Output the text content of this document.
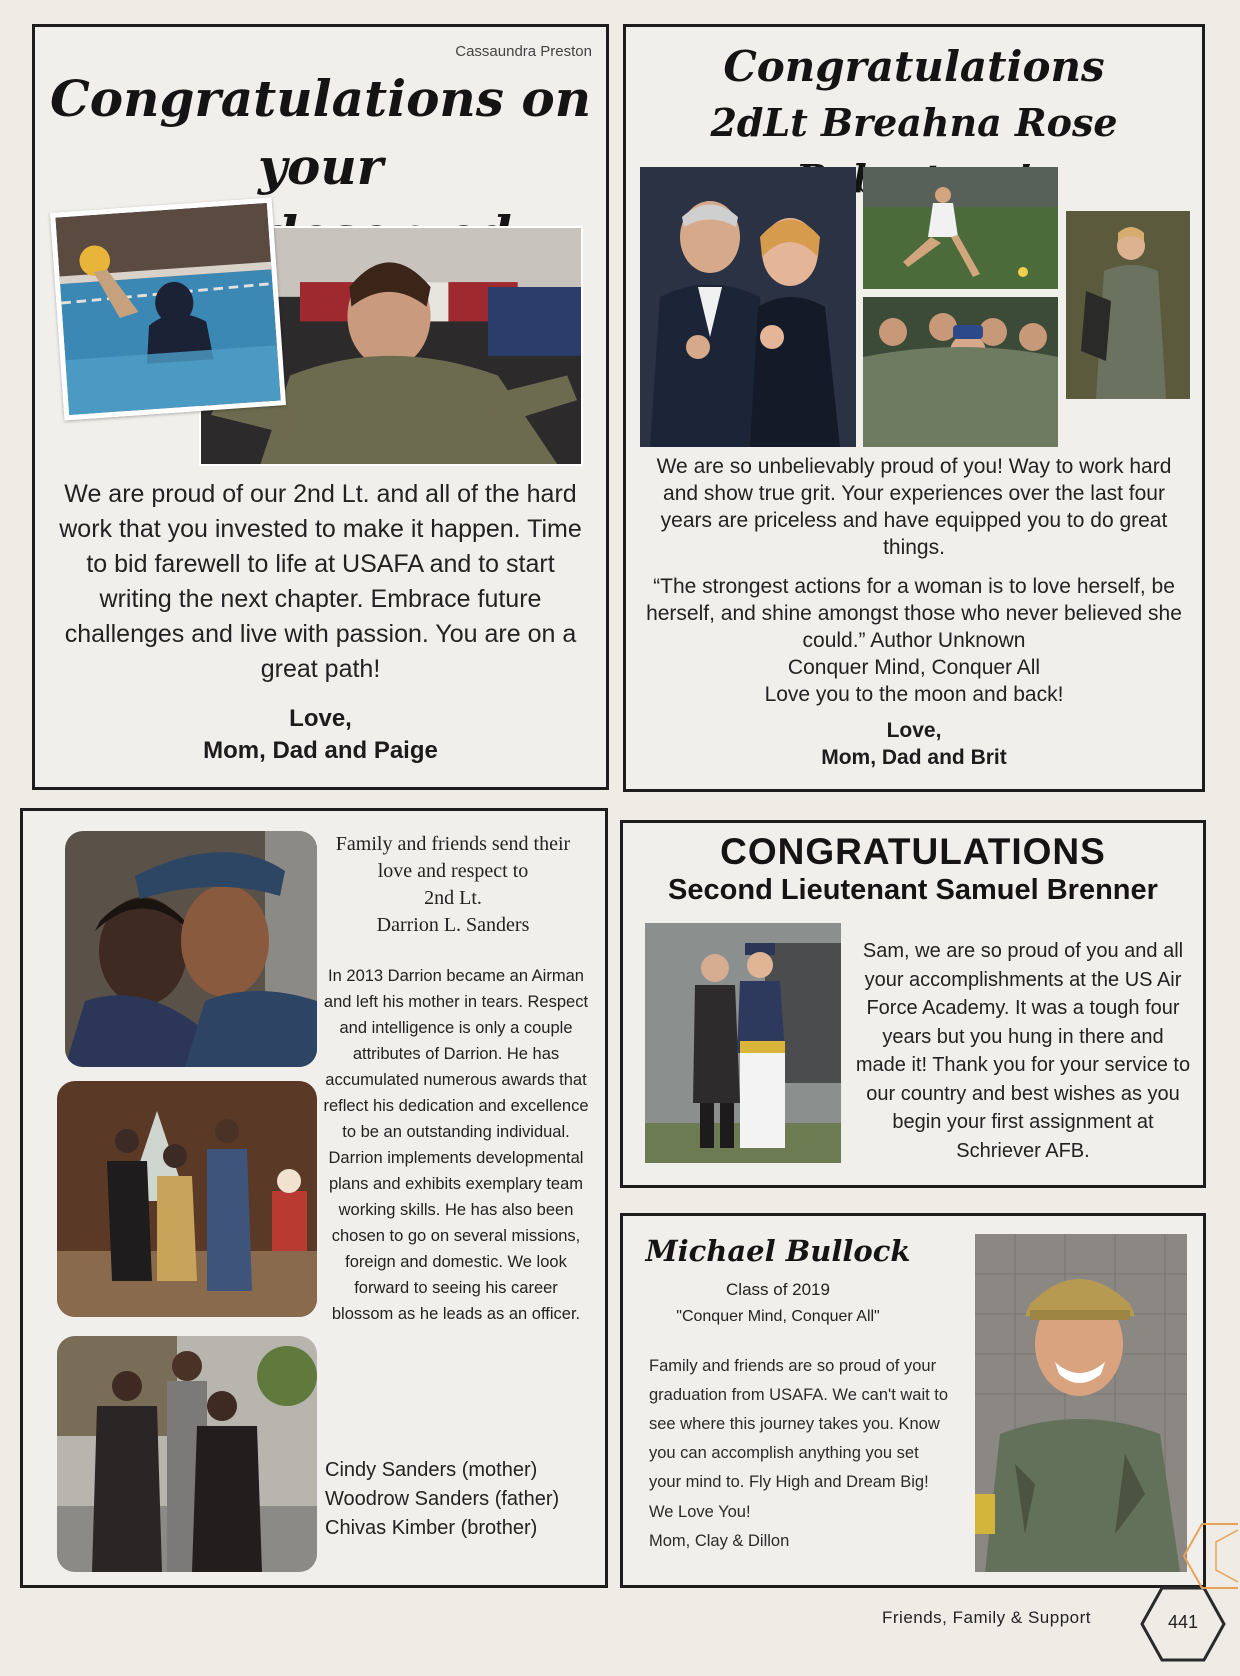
Cassaundra Preston
Congratulations on your
We are proud of our 2nd Lt. and all of the hard work that you invested to make it happen. Time to bid farewell to life at USAFA and to start writing the next chapter. Embrace future challenges and live with passion. You are on a great path!
Love,
Mom, Dad and Paige
Congratulations
2dLt Breahna Rose
We are so unbelievably proud of you! Way to work hard and show true grit. Your experiences over the last four years are priceless and have equipped you to do great things.
“The strongest actions for a woman is to love herself, be herself, and shine amongst those who never believed she could.” Author Unknown
Conquer Mind, Conquer All
Love you to the moon and back!
Love,
Mom, Dad and Brit
Family and friends send their
love and respect to
2nd Lt.
Darrion L. Sanders
In 2013 Darrion became an Airman and left his mother in tears. Respect and intelligence is only a couple attributes of Darrion. He has accumulated numerous awards that reflect his dedication and excellence to be an outstanding individual. Darrion implements developmental plans and exhibits exemplary team working skills. He has also been chosen to go on several missions, foreign and domestic. We look forward to seeing his career blossom as he leads as an officer.
Cindy Sanders (mother)
Woodrow Sanders (father)
Chivas Kimber (brother)
CONGRATULATIONS
Second Lieutenant Samuel Brenner
Sam, we are so proud of you and all your accomplishments at the US Air Force Academy. It was a tough four years but you hung in there and made it! Thank you for your service to our country and best wishes as you begin your first assignment at Schriever AFB.
Michael Bullock
Class of 2019
"Conquer Mind, Conquer All"
Family and friends are so proud of your graduation from USAFA. We can't wait to see where this journey takes you. Know you can accomplish anything you set your mind to. Fly High and Dream Big!
We Love You!
Mom, Clay & Dillon
Friends, Family & Support	441
